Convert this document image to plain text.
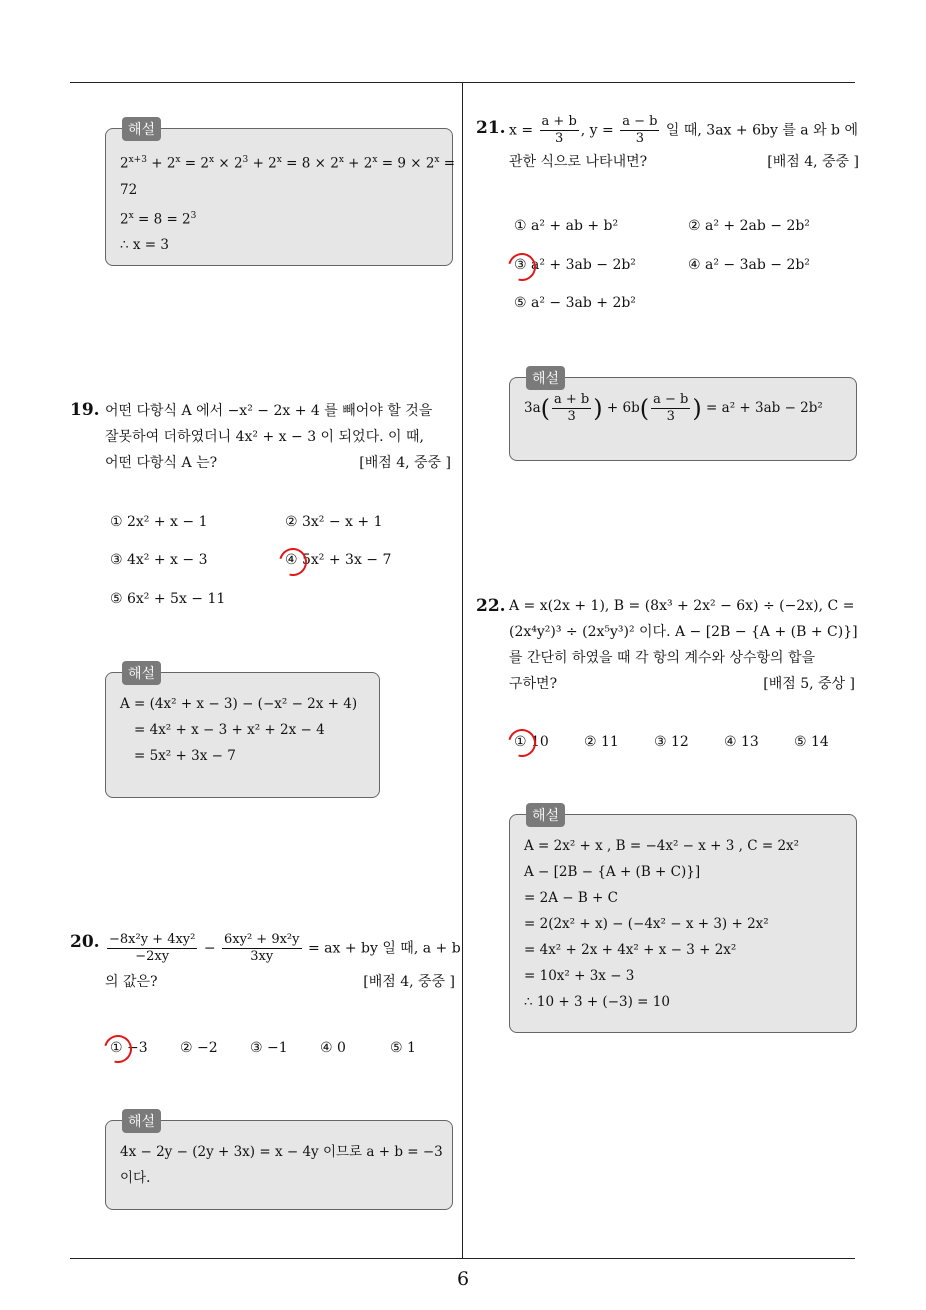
6
해설
$2^{x+3} + 2^x = 2^x \times 2^3 + 2^x = 8 \times 2^x + 2^x = 9 \times 2^x$ =
72
$2^x = 8 = 2^3$
∴ x = 3
19. 어떤 다항식 A 에서 −x² − 2x + 4 를 빼어야 할 것을
잘못하여 더하였더니 4x² + x − 3 이 되었다. 이 때,
어떤 다항식 A 는?	[배점 4, 중중 ]
① 2x² + x − 1	② 3x² − x + 1
③ 4x² + x − 3	④ 5x² + 3x − 7
⑤ 6x² + 5x − 11
해설
A = (4x² + x − 3) − (−x² − 2x + 4)
= 4x² + x − 3 + x² + 2x − 4
= 5x² + 3x − 7
20. $\frac{\text{−8x²y + 4xy²}}{-2xy} - \frac{\text{6xy² + 9x²y}}{3xy}$ = ax + by 일 때, a + b
의 값은?	[배점 4, 중중 ]
① −3 ② −2 ③ −1 ④ 0	⑤ 1
해설
4x − 2y − (2y + 3x) = x − 4y 이므로 a + b = −3
이다.
21. $x = \frac{a + b}{3}$ , $y = \frac{a - b}{3}$ 일 때, 3ax + 6by 를 a 와 b 에
관한 식으로 나타내면?	[배점 4, 중중 ]
① a² + ab + b²	② a² + 2ab − 2b²
③ a² + 3ab − 2b²	④ a² − 3ab − 2b²
⑤ a² − 3ab + 2b²
해설
$3a( \frac{a + b}{3}$ ) + $6b( \frac{a - b}{3}$ ) = a² + 3ab − 2b²
22. A = x(2x + 1), B = (8x³ + 2x² − 6x) ÷ (−2x), C =
(2x⁴y²)³ ÷ (2x⁵y³)² 이다. A − [2B − {A + (B + C)}]
를 간단히 하였을 때 각 항의 계수와 상수항의 합을
구하면?	[배점 5, 중상 ]
① 10	② 11	③ 12	④ 13	⑤ 14
해설
A = 2x² + x , B = −4x² − x + 3 , C = 2x²
A − [2B − {A + (B + C)}]
= 2A − B + C
= 2(2x² + x) − (−4x² − x + 3) + 2x²
= 4x² + 2x + 4x² + x − 3 + 2x²
= 10x² + 3x − 3
∴ 10 + 3 + (−3) = 10
